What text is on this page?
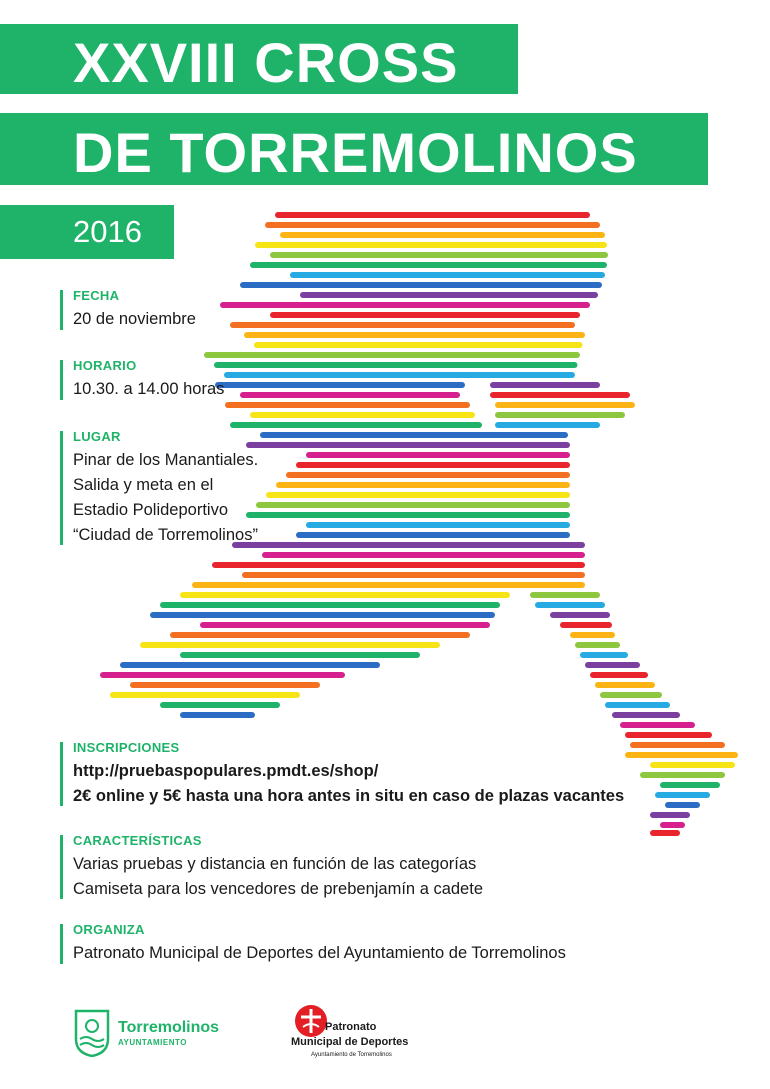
XXVIII CROSS
DE TORREMOLINOS
2016
FECHA
20 de noviembre
HORARIO
10.30. a 14.00 horas
LUGAR
Pinar de los Manantiales.
Salida y meta en el
Estadio Polideportivo
“Ciudad de Torremolinos”
INSCRIPCIONES
http://pruebaspopulares.pmdt.es/shop/
2€ online y 5€ hasta una hora antes in situ en caso de plazas vacantes
CARACTERÍSTICAS
Varias pruebas y distancia en función de las categorías
Camiseta para los vencedores de prebenjamín a cadete
ORGANIZA
Patronato Municipal de Deportes del Ayuntamiento de Torremolinos
Torremolinos
AYUNTAMIENTO
Patronato
Municipal de Deportes
Ayuntamiento de Torremolinos
